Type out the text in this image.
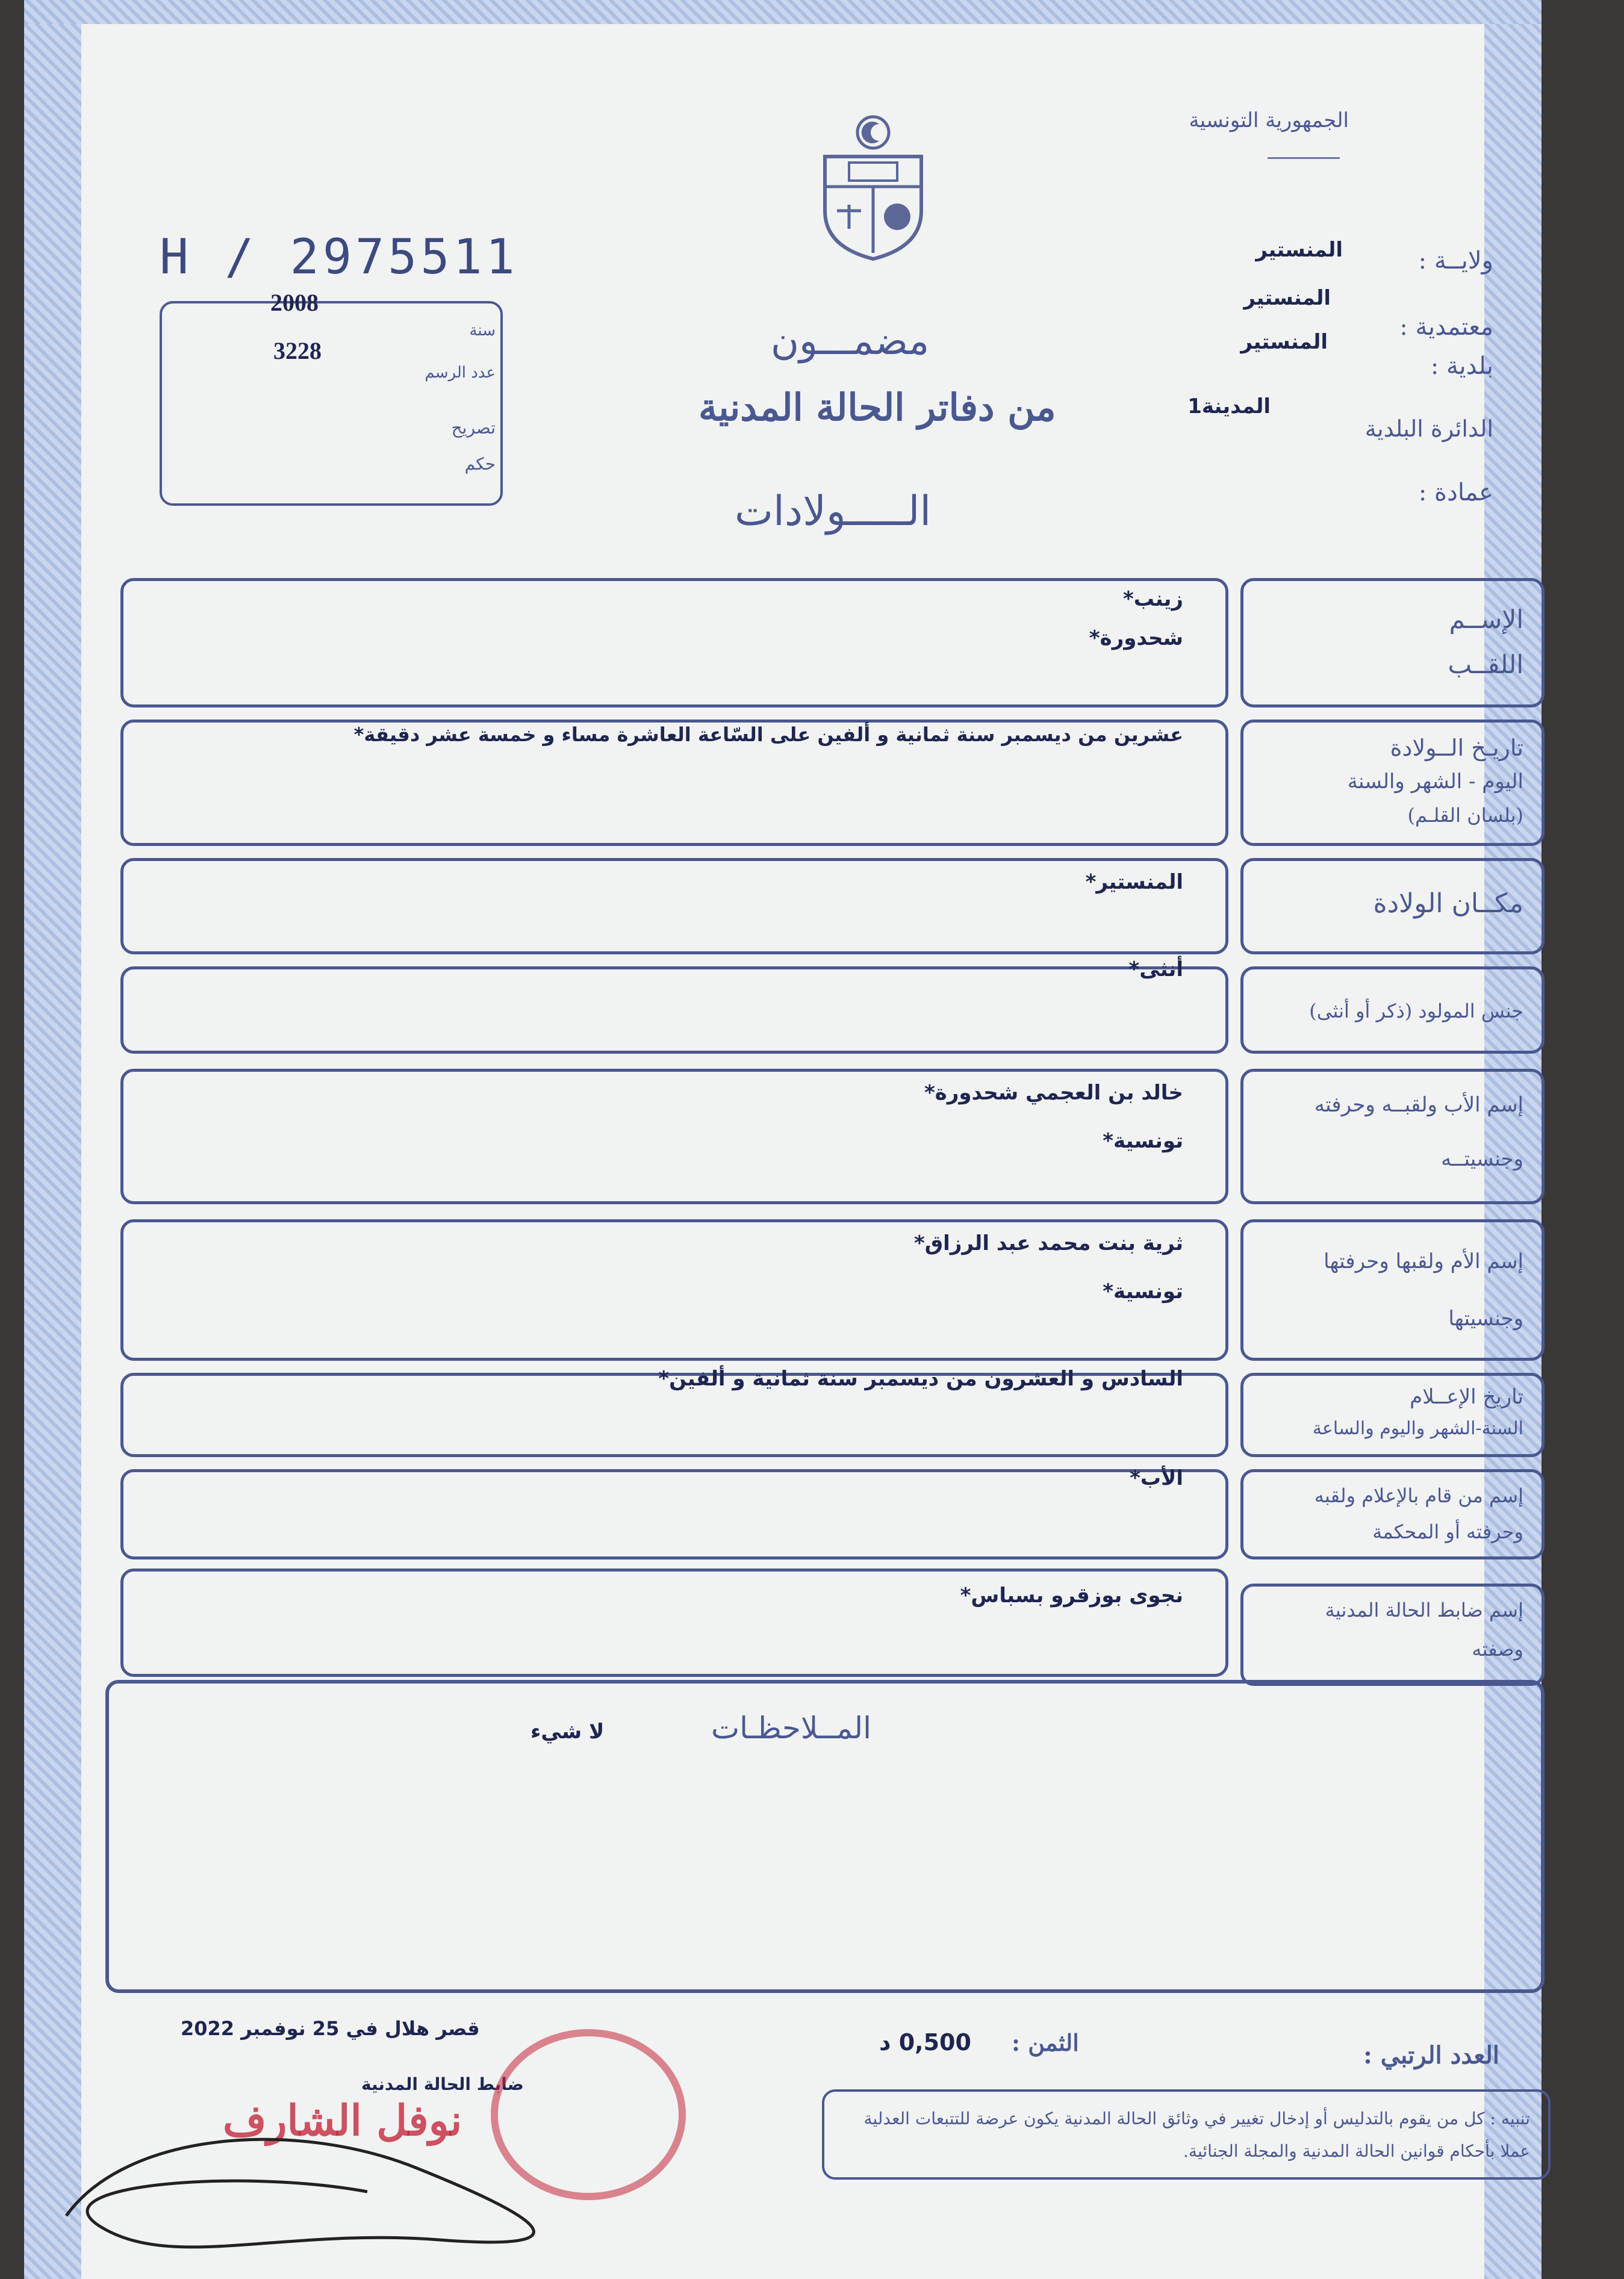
H / 2975511
الجمهورية التونسية
ولايــة :
المنستير
معتمدية :
المنستير
بلدية :
المنستير
الدائرة البلدية
المدينة1
عمادة :
سنة
2008
عدد الرسم
3228
تصريح
حكم
مضمـــون
من دفاتر الحالة المدنية
الـــــولادات
زينب*
شحدورة*
الإســم
اللقــب
عشرين من ديسمبر سنة ثمانية و ألفين على السّاعة العاشرة مساء و خمسة عشر دقيقة*	تاريـخ الــولادة
اليوم - الشهر والسنة
(بلسان القلـم)
المنستير*
مكــان الولادة
أنثى*
جنس المولود (ذكر أو أنثى)
خالد بن العجمي شحدورة*
تونسية*
إسم الأب ولقبــه وحرفته
وجنسيتــه
ثرية بنت محمد عبد الرزاق*
تونسية*
إسم الأم ولقبها وحرفتها
وجنسيتها
السادس و العشرون من ديسمبر سنة ثمانية و ألفين*
تاريخ الإعــلام
السنة-الشهر واليوم والساعة
الأب*
إسم من قام بالإعلام ولقبه
وحرفته أو المحكمة
نجوى بوزقرو بسباس*
إسم ضابط الحالة المدنية
وصفته
المــلاحظـات
لا شيء
العدد الرتبي :
الثمن :
0,500 د
قصر هلال في 25 نوفمبر 2022
ضابط الحالة المدنية
نوفل الشارف	تنبيه : كل من يقوم بالتدليس أو إدخال تغيير في وثائق الحالة المدنية يكون عرضة للتتبعات العدلية عملا بأحكام قوانين الحالة المدنية والمجلة الجنائية.
